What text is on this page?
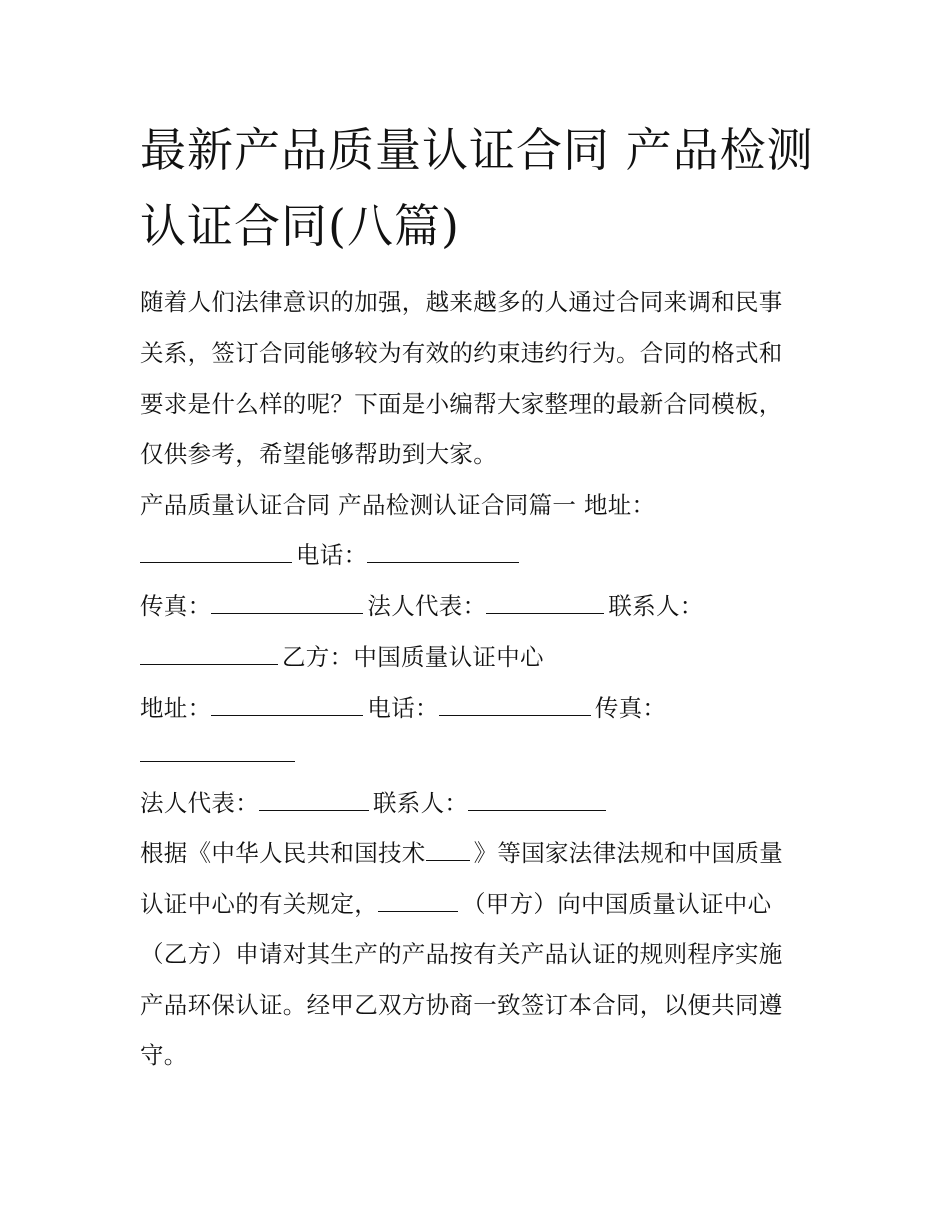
最新产品质量认证合同 产品检测认证合同(八篇)

随着人们法律意识的加强，越来越多的人通过合同来调和民事

关系，签订合同能够较为有效的约束违约行为。合同的格式和

要求是什么样的呢？下面是小编帮大家整理的最新合同模板，

仅供参考，希望能够帮助到大家。

产品质量认证合同 产品检测认证合同篇一 地址：

电话：

传真：	法人代表：	联系人：

乙方：中国质量认证中心

地址：	电话：	传真：

法人代表：	联系人：

根据《中华人民共和国技术 》等国家法律法规和中国质量

认证中心的有关规定，	（甲方）向中国质量认证中心

（乙方）申请对其生产的产品按有关产品认证的规则程序实施

产品环保认证。经甲乙双方协商一致签订本合同，以便共同遵

守。
